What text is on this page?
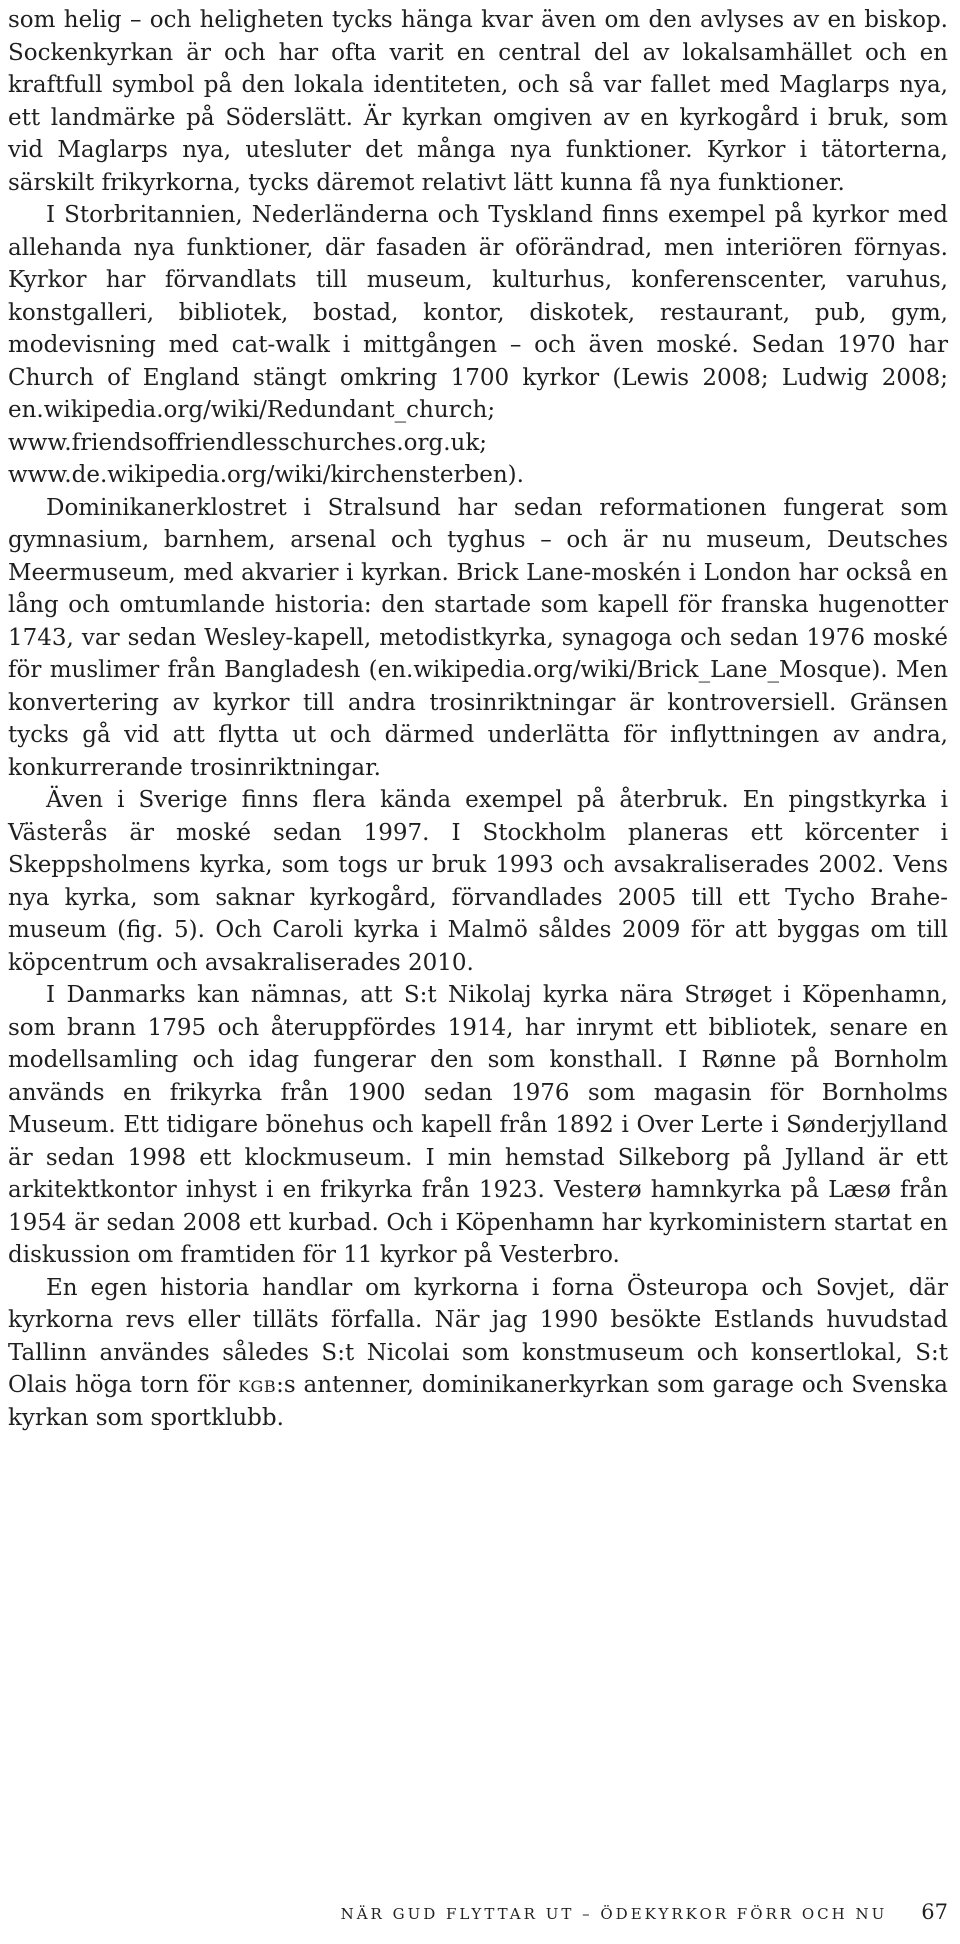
som helig – och heligheten tycks hänga kvar även om den avlyses av en biskop. Sockenkyrkan är och har ofta varit en central del av lokalsamhället och en kraftfull symbol på den lokala identiteten, och så var fallet med Maglarps nya, ett landmärke på Söderslätt. Är kyrkan omgiven av en kyrkogård i bruk, som vid Maglarps nya, utesluter det många nya funktioner. Kyrkor i tätorterna, särskilt frikyrkorna, tycks däremot relativt lätt kunna få nya funktioner.

I Storbritannien, Nederländerna och Tyskland finns exempel på kyrkor med allehanda nya funktioner, där fasaden är oförändrad, men interiören förnyas. Kyrkor har förvandlats till museum, kulturhus, konferenscenter, varuhus, konstgalleri, bibliotek, bostad, kontor, diskotek, restaurant, pub, gym, modevisning med cat-walk i mittgången – och även moské. Sedan 1970 har Church of England stängt omkring 1700 kyrkor (Lewis 2008; Ludwig 2008; en.wikipedia.org/wiki/Redundant_church; www.friendsoffriendlesschurches.org.uk; www.de.wikipedia.org/wiki/kirchensterben).

Dominikanerklostret i Stralsund har sedan reformationen fungerat som gymnasium, barnhem, arsenal och tyghus – och är nu museum, Deutsches Meermuseum, med akvarier i kyrkan. Brick Lane-moskén i London har också en lång och omtumlande historia: den startade som kapell för franska hugenotter 1743, var sedan Wesley-kapell, metodistkyrka, synagoga och sedan 1976 moské för muslimer från Bangladesh (en.wikipedia.org/wiki/Brick_Lane_Mosque). Men konvertering av kyrkor till andra trosinriktningar är kontroversiell. Gränsen tycks gå vid att flytta ut och därmed underlätta för inflyttningen av andra, konkurrerande trosinriktningar.

Även i Sverige finns flera kända exempel på återbruk. En pingstkyrka i Västerås är moské sedan 1997. I Stockholm planeras ett körcenter i Skeppsholmens kyrka, som togs ur bruk 1993 och avsakraliserades 2002. Vens nya kyrka, som saknar kyrkogård, förvandlades 2005 till ett Tycho Brahe-museum (fig. 5). Och Caroli kyrka i Malmö såldes 2009 för att byggas om till köpcentrum och avsakraliserades 2010.

I Danmarks kan nämnas, att S:t Nikolaj kyrka nära Strøget i Köpenhamn, som brann 1795 och återuppfördes 1914, har inrymt ett bibliotek, senare en modellsamling och idag fungerar den som konsthall. I Rønne på Bornholm används en frikyrka från 1900 sedan 1976 som magasin för Bornholms Museum. Ett tidigare bönehus och kapell från 1892 i Over Lerte i Sønderjylland är sedan 1998 ett klockmuseum. I min hemstad Silkeborg på Jylland är ett arkitektkontor inhyst i en frikyrka från 1923. Vesterø hamnkyrka på Læsø från 1954 är sedan 2008 ett kurbad. Och i Köpenhamn har kyrkoministern startat en diskussion om framtiden för 11 kyrkor på Vesterbro.

En egen historia handlar om kyrkorna i forna Östeuropa och Sovjet, där kyrkorna revs eller tilläts förfalla. När jag 1990 besökte Estlands huvudstad Tallinn användes således S:t Nicolai som konstmuseum och konsertlokal, S:t Olais höga torn för kgb:s antenner, dominikanerkyrkan som garage och Svenska kyrkan som sportklubb.

NÄR GUD FLYTTAR UT – ÖDEKYRKOR FÖRR OCH NU 67
